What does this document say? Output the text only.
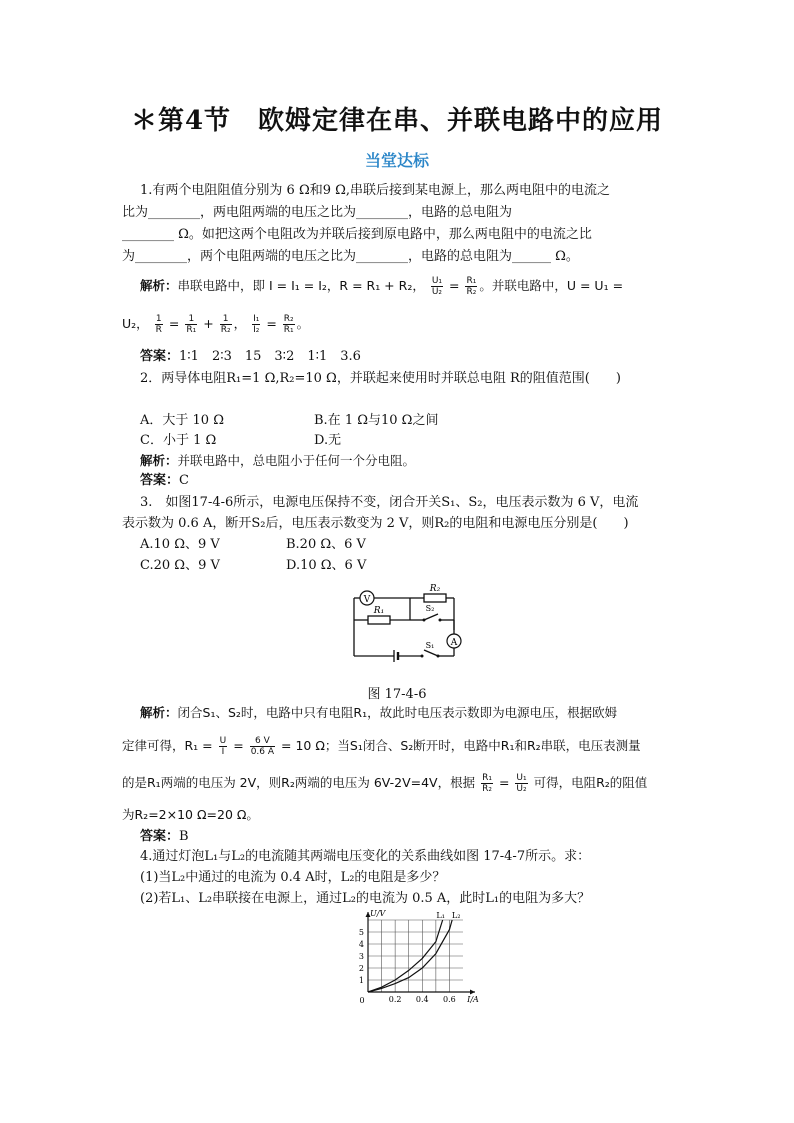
＊第4节　欧姆定律在串、并联电路中的应用
当堂达标
1.有两个电阻阻值分别为 6 Ω和9 Ω,串联后接到某电源上，那么两电阻中的电流之
比为________，两电阻两端的电压之比为________，电路的总电阻为
________ Ω。如把这两个电阻改为并联后接到原电路中，那么两电阻中的电流之比
为________，两个电阻两端的电压之比为________，电路的总电阻为______ Ω。
解析：串联电路中，即 I = I₁ = I₂，R = R₁ + R₂， $\frac{\text{U₁}}{\text{U₂}} = \frac{\text{R₁}}{\text{R₂}}$ 。并联电路中，U = U₁ =
U₂， $\frac{1}{R} = \frac{1}{\text{R₁}} + \frac{1}{\text{R₂}}$ ， $\frac{\text{I₁}}{\text{I₂}} = \frac{\text{R₂}}{\text{R₁}}$ 。
答案：1∶1　2∶3　15　3∶2　1∶1　3.6
2．两导体电阻R₁=1 Ω,R₂=10 Ω，并联起来使用时并联总电阻 R的阻值范围(　　)
A．大于 10 Ω	B.在 1 Ω与10 Ω之间
C．小于 1 Ω	D.无
解析：并联电路中，总电阻小于任何一个分电阻。
答案：C
3.　如图17-4-6所示，电源电压保持不变，闭合开关S₁、S₂，电压表示数为 6 V，电流
表示数为 0.6 A，断开S₂后，电压表示数变为 2 V，则R₂的电阻和电源电压分别是(　　)
A.10 Ω、9 V	B.20 Ω、6 V
C.20 Ω、9 V	D.10 Ω、6 V
V
A
R₂
R₁	S₂
S₁
图 17-4-6
解析：闭合S₁、S₂时，电路中只有电阻R₁，故此时电压表示数即为电源电压，根据欧姆
定律可得，$R_1 = \frac{U}{I} = \frac{6 V}{0.6 A} = 10$ Ω；当S₁闭合、S₂断开时，电路中R₁和R₂串联，电压表测量
的是R₁两端的电压为 2V，则R₂两端的电压为 6V-2V=4V，根据 $\frac{\text{R₁}}{\text{R₂}} = \frac{\text{U₁}}{\text{U₂}}$ 可得，电阻R₂的阻值
为R₂=2×10 Ω=20 Ω。
答案：B
4.通过灯泡L₁与L₂的电流随其两端电压变化的关系曲线如图 17-4-7所示。求：
(1)当L₂中通过的电流为 0.4 A时，L₂的电阻是多少？
(2)若L₁、L₂串联接在电源上，通过L₂的电流为 0.5 A，此时L₁的电阻为多大？
L₁ L₂
0.2 0.4 0.6
1
2
3
4
5
0	I/A
U/V
